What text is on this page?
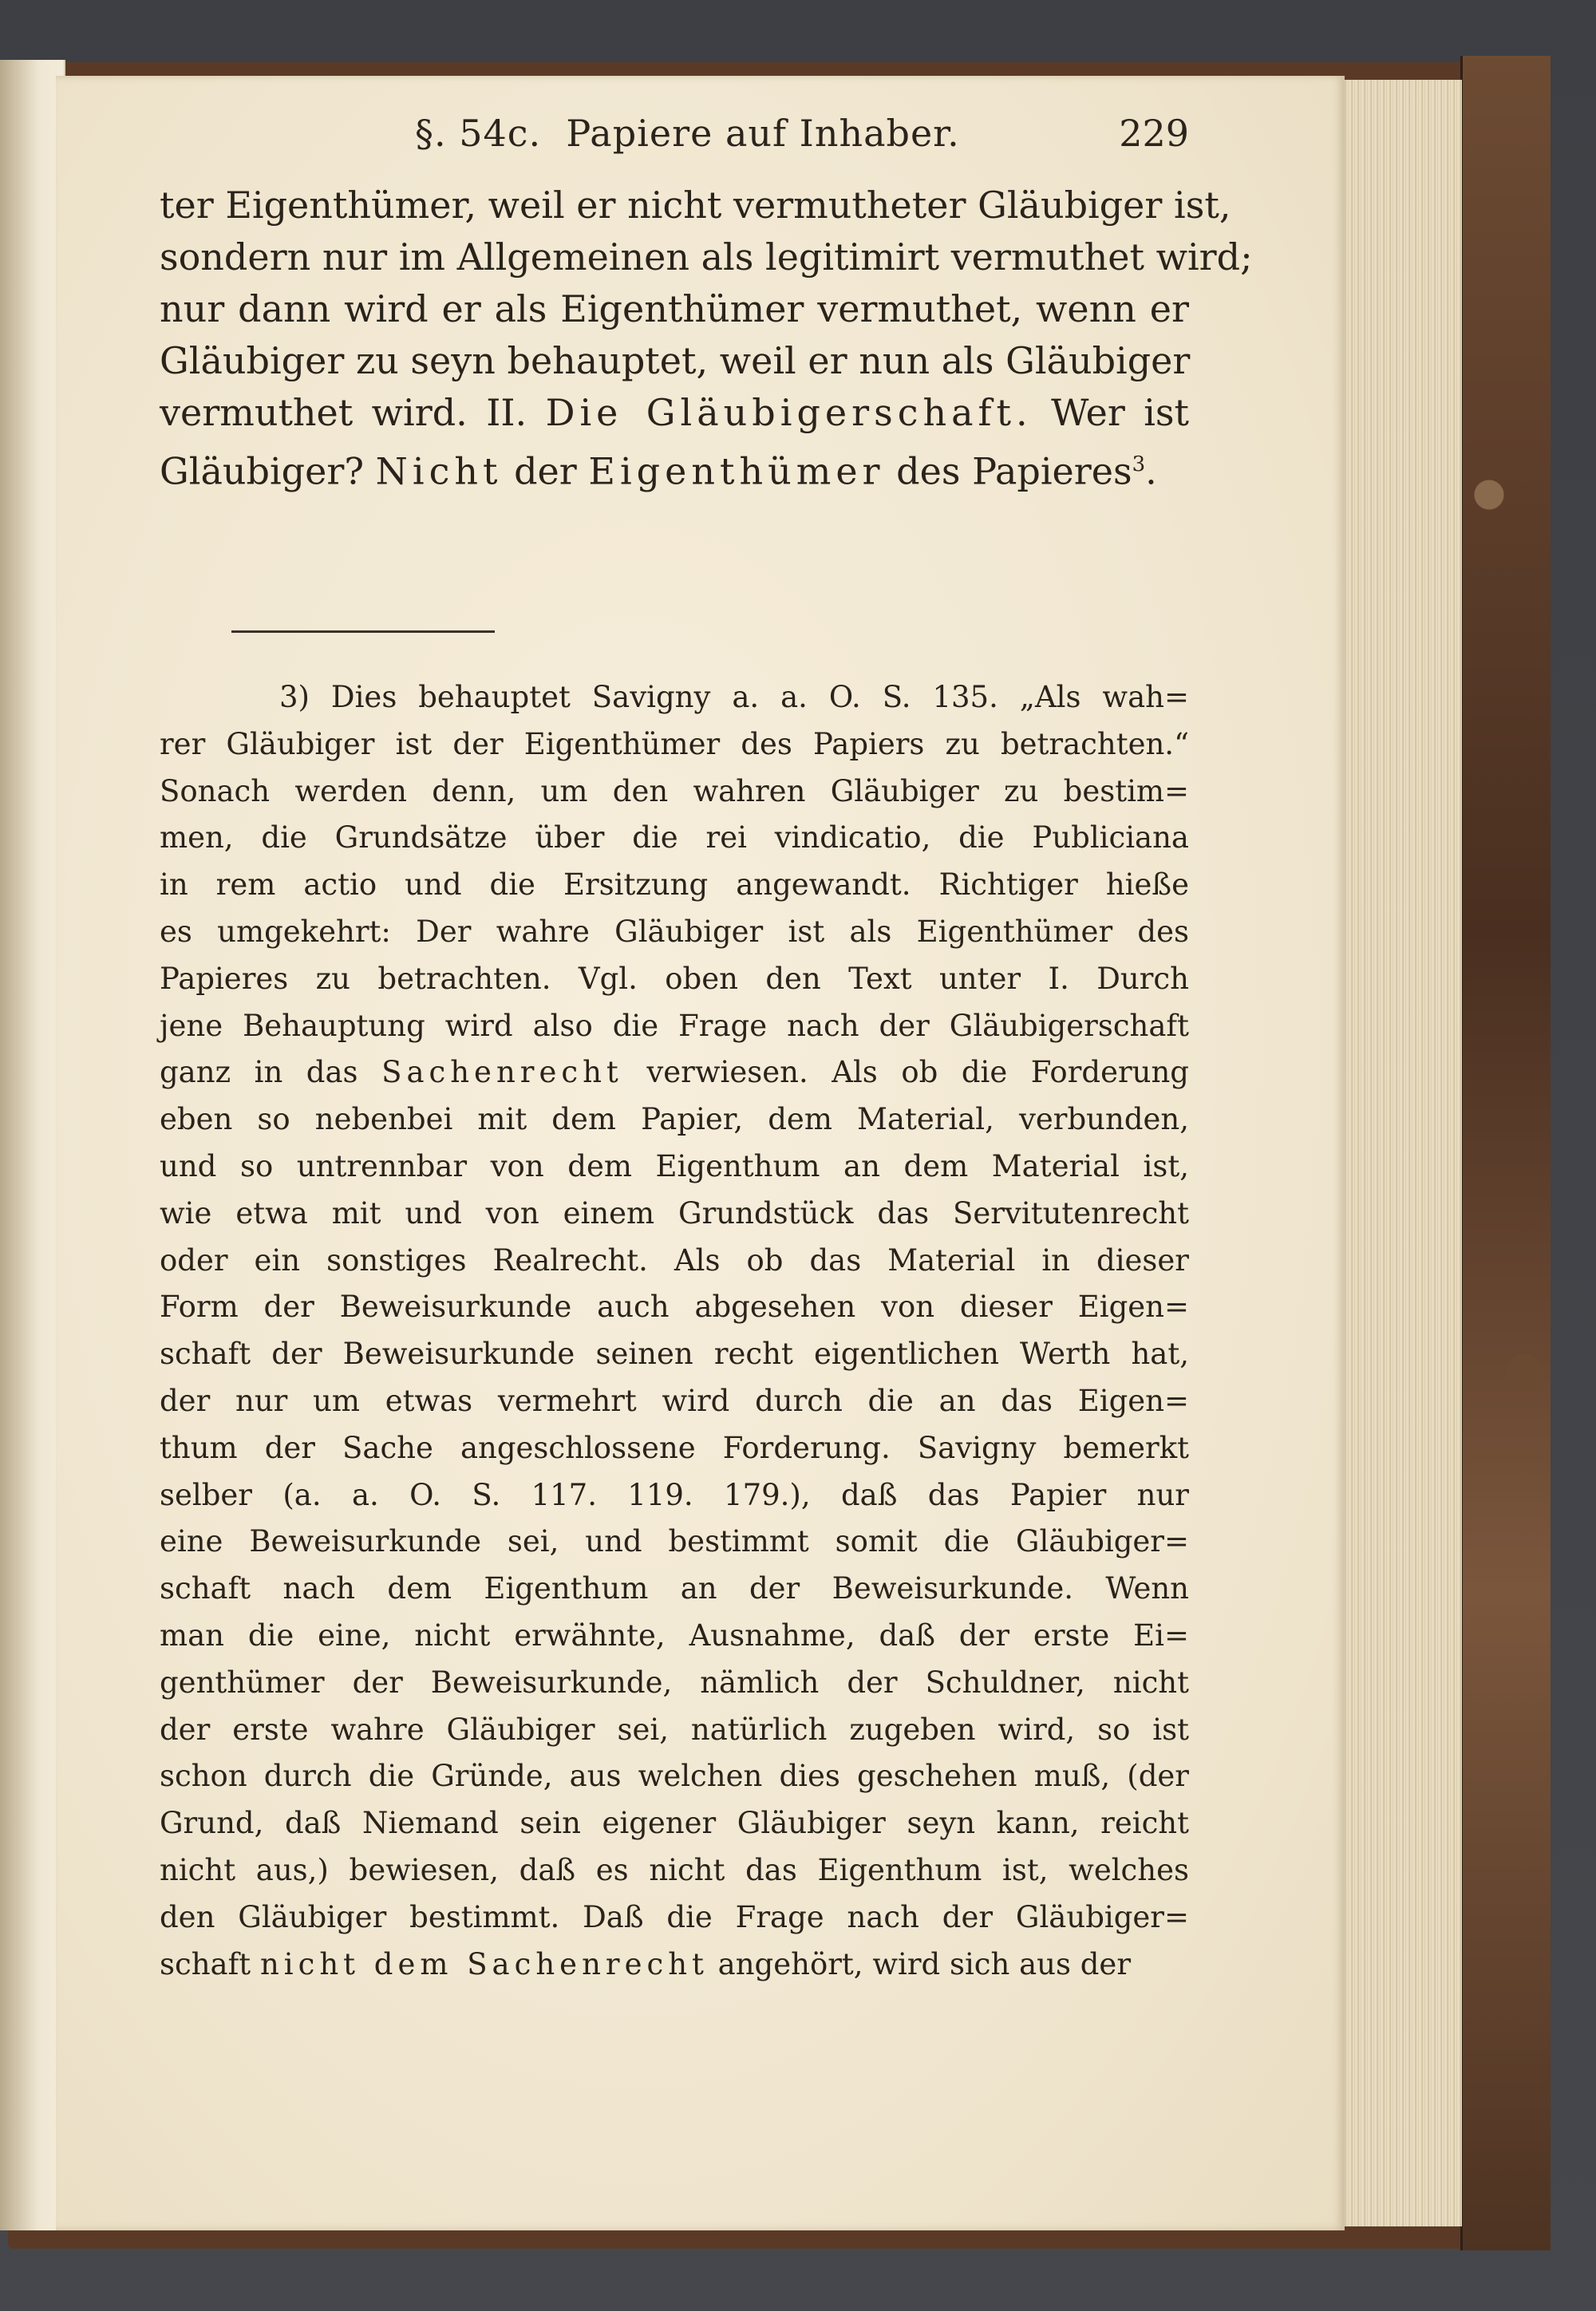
§. 54c. Papiere auf Inhaber.	229
ter Eigenthümer, weil er nicht vermutheter Gläubiger ist,
sondern nur im Allgemeinen als legitimirt vermuthet wird;
nur dann wird er als Eigenthümer vermuthet, wenn er
Gläubiger zu seyn behauptet, weil er nun als Gläubiger
vermuthet wird. II. Die Gläubigerschaft. Wer ist
Gläubiger? Nicht der Eigenthümer des Papieres$^3$.
3) Dies behauptet Savigny a. a. O. S. 135. „Als wah=
rer Gläubiger ist der Eigenthümer des Papiers zu betrachten.“
Sonach werden denn, um den wahren Gläubiger zu bestim=
men, die Grundsätze über die rei vindicatio, die Publiciana
in rem actio und die Ersitzung angewandt. Richtiger hieße
es umgekehrt: Der wahre Gläubiger ist als Eigenthümer des
Papieres zu betrachten. Vgl. oben den Text unter I. Durch
jene Behauptung wird also die Frage nach der Gläubigerschaft
ganz in das Sachenrecht verwiesen. Als ob die Forderung
eben so nebenbei mit dem Papier, dem Material, verbunden,
und so untrennbar von dem Eigenthum an dem Material ist,
wie etwa mit und von einem Grundstück das Servitutenrecht
oder ein sonstiges Realrecht. Als ob das Material in dieser
Form der Beweisurkunde auch abgesehen von dieser Eigen=
schaft der Beweisurkunde seinen recht eigentlichen Werth hat,
der nur um etwas vermehrt wird durch die an das Eigen=
thum der Sache angeschlossene Forderung. Savigny bemerkt
selber (a. a. O. S. 117. 119. 179.), daß das Papier nur
eine Beweisurkunde sei, und bestimmt somit die Gläubiger=
schaft nach dem Eigenthum an der Beweisurkunde. Wenn
man die eine, nicht erwähnte, Ausnahme, daß der erste Ei=
genthümer der Beweisurkunde, nämlich der Schuldner, nicht
der erste wahre Gläubiger sei, natürlich zugeben wird, so ist
schon durch die Gründe, aus welchen dies geschehen muß, (der
Grund, daß Niemand sein eigener Gläubiger seyn kann, reicht
nicht aus,) bewiesen, daß es nicht das Eigenthum ist, welches
den Gläubiger bestimmt. Daß die Frage nach der Gläubiger=
schaft nicht dem Sachenrecht angehört, wird sich aus der
